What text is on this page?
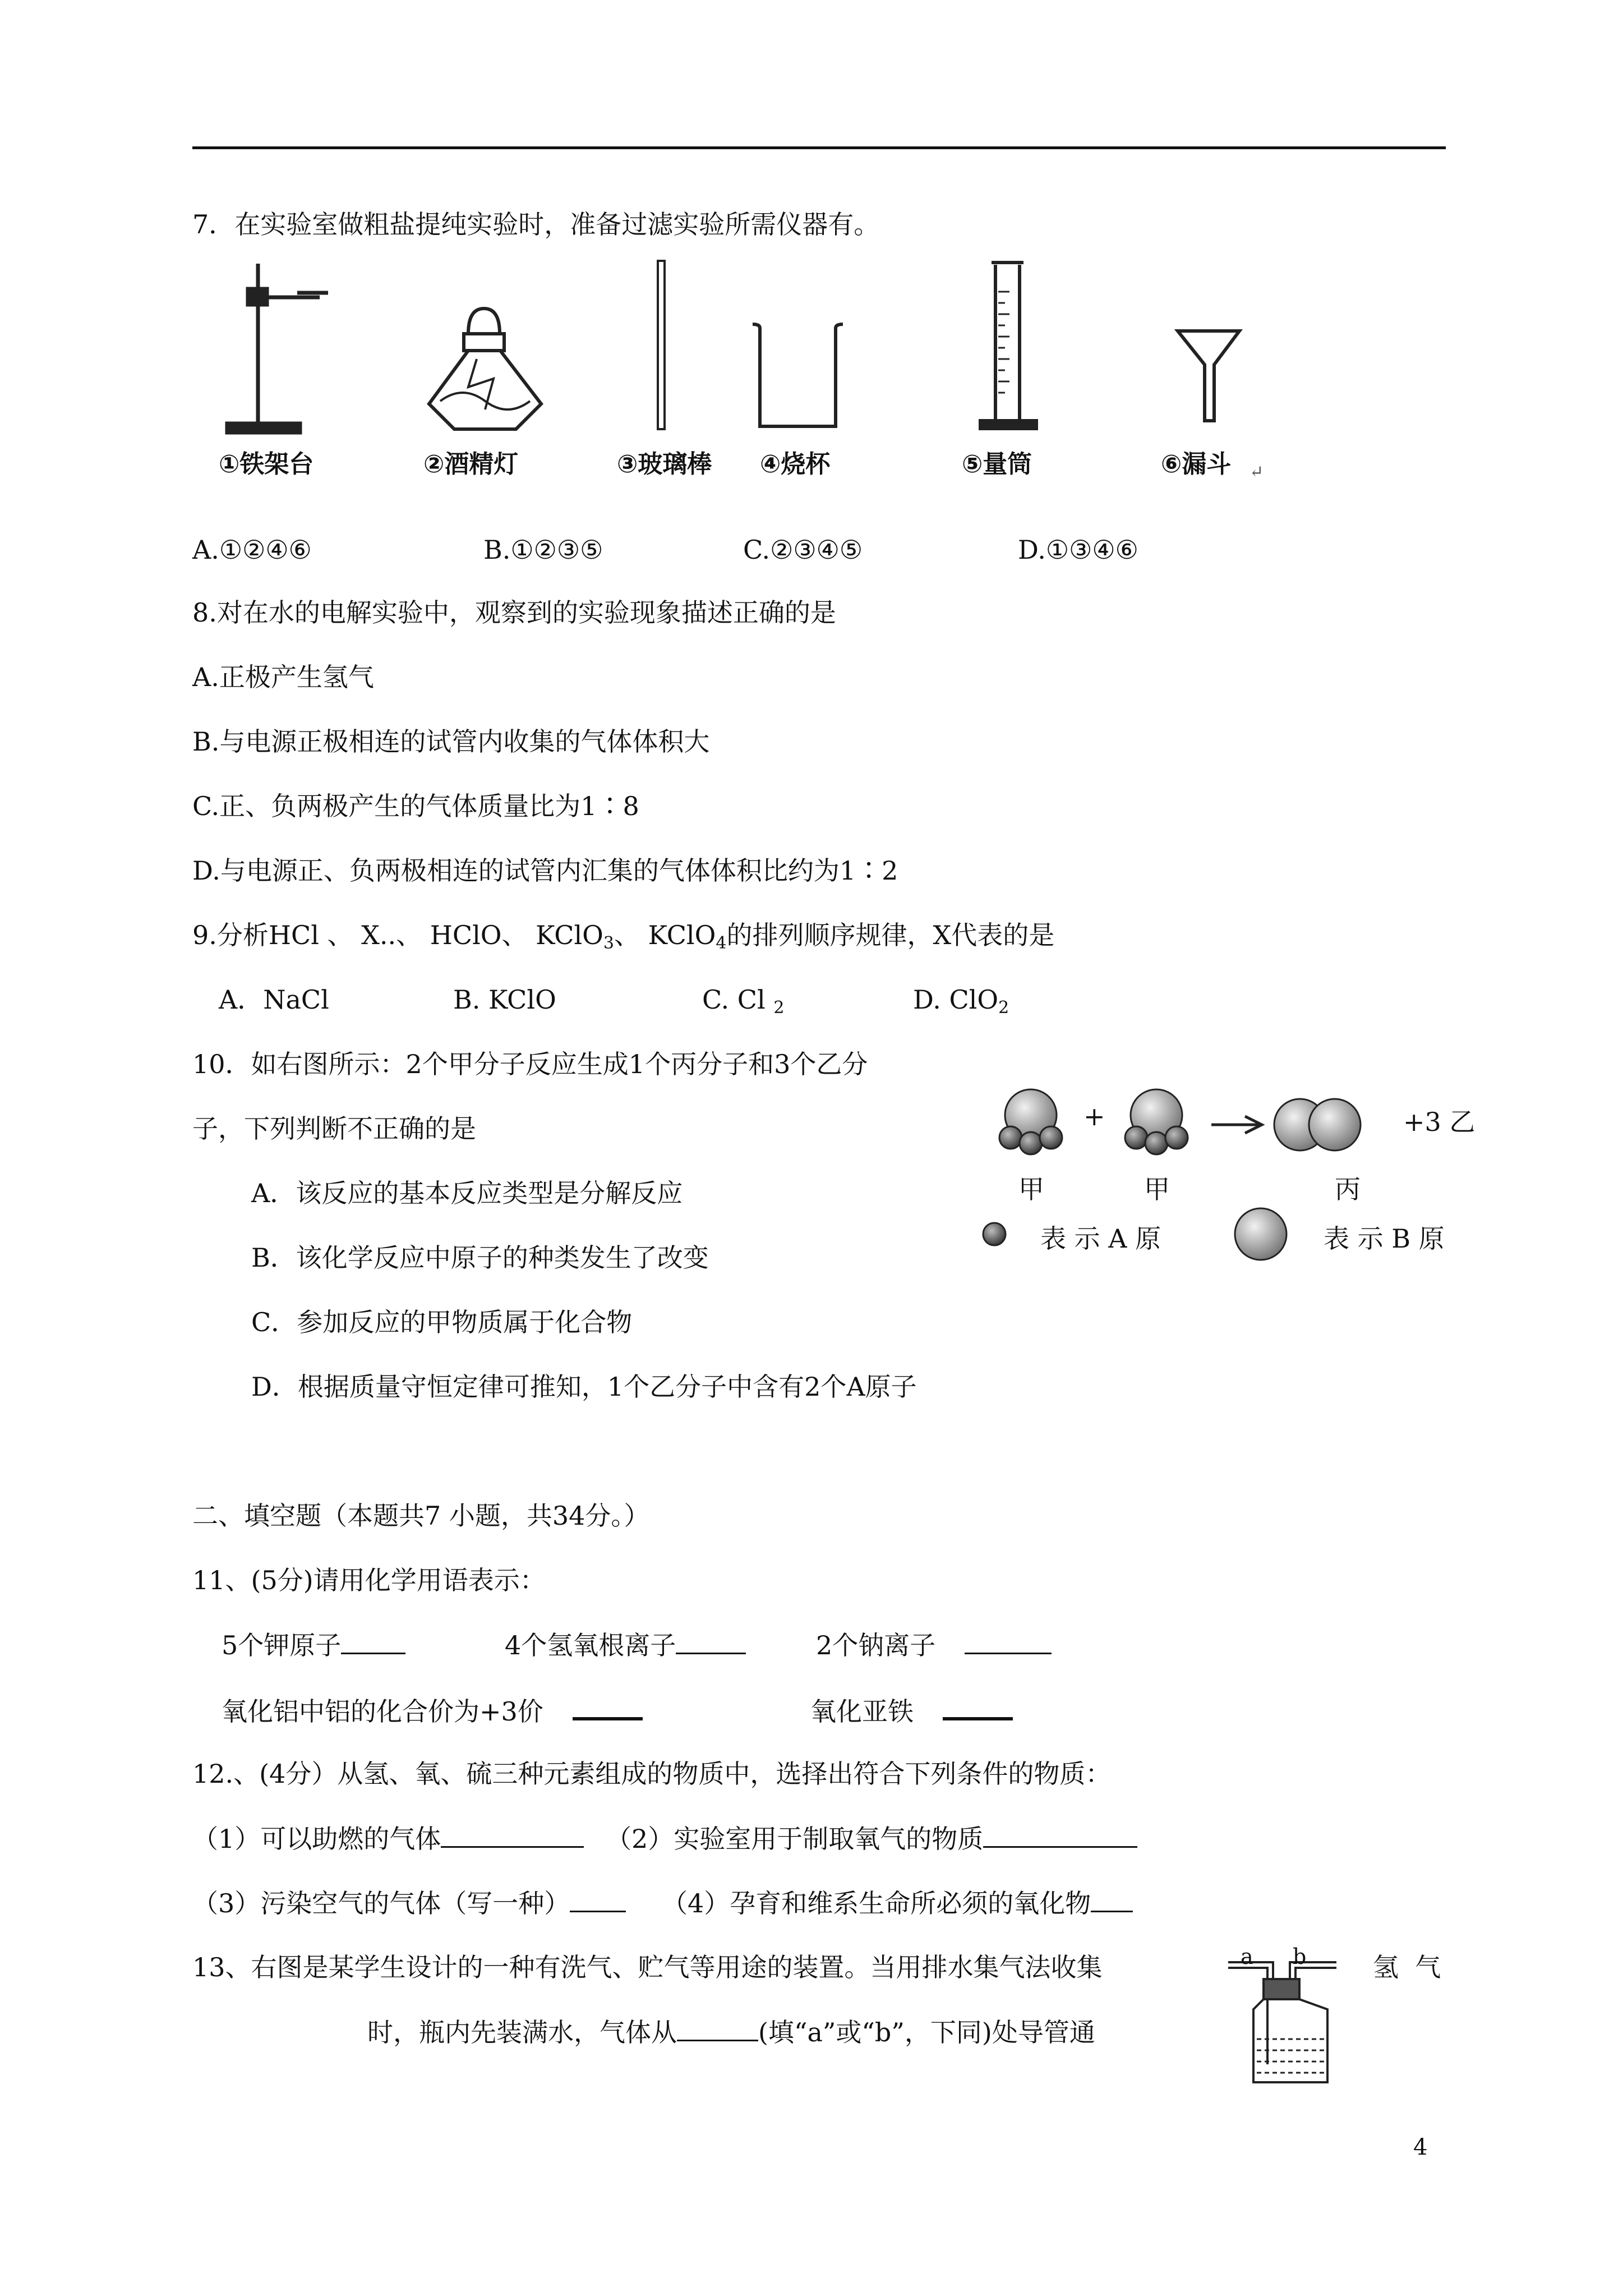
7．在实验室做粗盐提纯实验时，准备过滤实验所需仪器有。
①铁架台	②酒精灯	③玻璃棒 ④烧杯	⑤量筒	⑥漏斗 ↵
A.①②④⑥	B.①②③⑤	C.②③④⑤	D.①③④⑥
8.对在水的电解实验中，观察到的实验现象描述正确的是
A.正极产生氢气
B.与电源正极相连的试管内收集的气体体积大
C.正、负两极产生的气体质量比为1∶8
D.与电源正、负两极相连的试管内汇集的气体体积比约为1∶2
9.分析HCl 、 X..、 HClO、 KClO$_3$、 KClO$_4$的排列顺序规律，X代表的是
A．NaCl	B. KClO	C. Cl $_2$	D. ClO$_2$
10．如右图所示：2个甲分子反应生成1个丙分子和3个乙分
子，下列判断不正确的是
A．该反应的基本反应类型是分解反应
B．该化学反应中原子的种类发生了改变
C．参加反应的甲物质属于化合物
D．根据质量守恒定律可推知，1个乙分子中含有2个A原子
+	+3 乙
甲	甲	丙
表 示 A 原	表 示 B 原
二、填空题（本题共7 小题，共34分。）
11、(5分)请用化学用语表示：
5个钾原子	4个氢氧根离子	2个钠离子
氧化铝中铝的化合价为+3价	氧化亚铁
12.、(4分）从氢、氧、硫三种元素组成的物质中，选择出符合下列条件的物质：
（1）可以助燃的气体	（2）实验室用于制取氧气的物质
（3）污染空气的气体（写一种）	（4）孕育和维系生命所必须的氧化物
13、右图是某学生设计的一种有洗气、贮气等用途的装置。当用排水集气法收集	氢  气
时，瓶内先装满水，气体从	(填“a”或“b”，下同)处导管通
a b
4
